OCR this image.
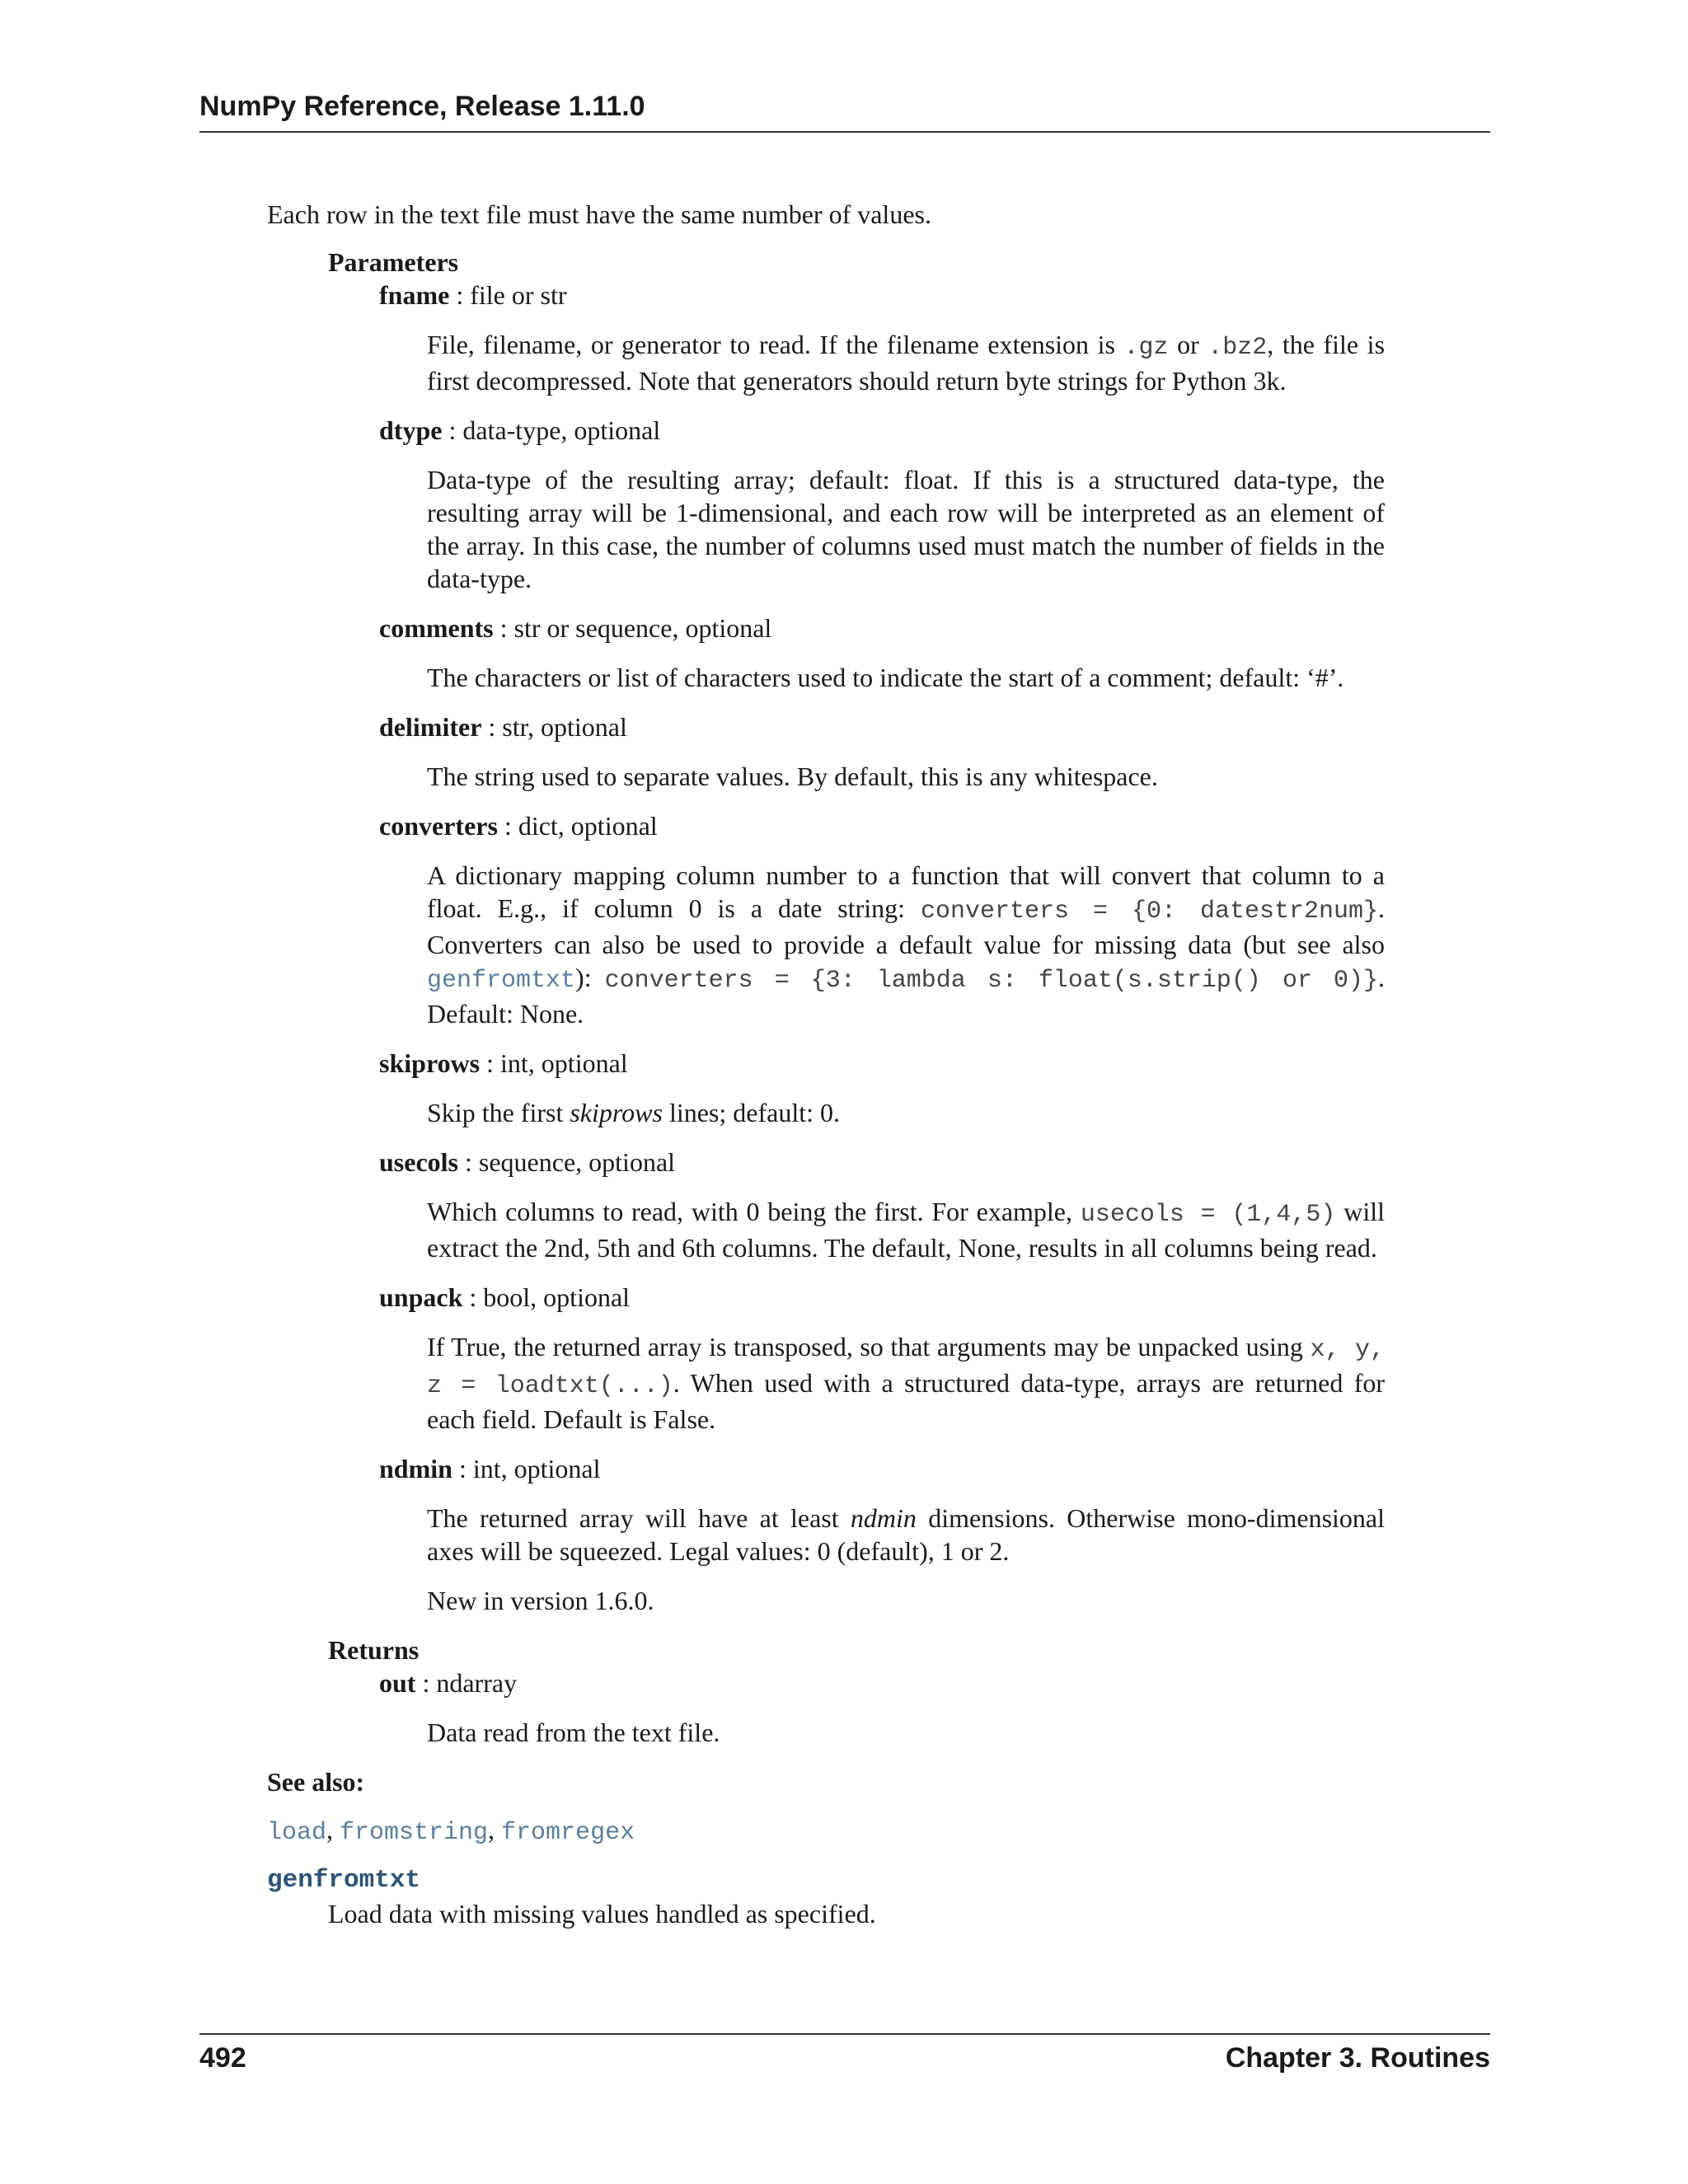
NumPy Reference, Release 1.11.0

Each row in the text file must have the same number of values.

Parameters
fname : file or str

File, filename, or generator to read. If the filename extension is .gz or .bz2, the file is first decompressed. Note that generators should return byte strings for Python 3k.

dtype : data-type, optional

Data-type of the resulting array; default: float. If this is a structured data-type, the resulting array will be 1-dimensional, and each row will be interpreted as an element of the array. In this case, the number of columns used must match the number of fields in the data-type.

comments : str or sequence, optional

The characters or list of characters used to indicate the start of a comment; default: ‘#’.

delimiter : str, optional

The string used to separate values. By default, this is any whitespace.

converters : dict, optional

A dictionary mapping column number to a function that will convert that column to a float. E.g., if column 0 is a date string: converters = {0: datestr2num}. Converters can also be used to provide a default value for missing data (but see also genfromtxt): converters = {3: lambda s: float(s.strip() or 0)}. Default: None.

skiprows : int, optional

Skip the first skiprows lines; default: 0.

usecols : sequence, optional

Which columns to read, with 0 being the first. For example, usecols = (1,4,5) will extract the 2nd, 5th and 6th columns. The default, None, results in all columns being read.

unpack : bool, optional

If True, the returned array is transposed, so that arguments may be unpacked using x, y, z = loadtxt(...). When used with a structured data-type, arrays are returned for each field. Default is False.

ndmin : int, optional

The returned array will have at least ndmin dimensions. Otherwise mono-dimensional axes will be squeezed. Legal values: 0 (default), 1 or 2.

New in version 1.6.0.

Returns
out : ndarray

Data read from the text file.

See also:
load, fromstring, fromregex
genfromtxt
Load data with missing values handled as specified.
492	Chapter 3. Routines
